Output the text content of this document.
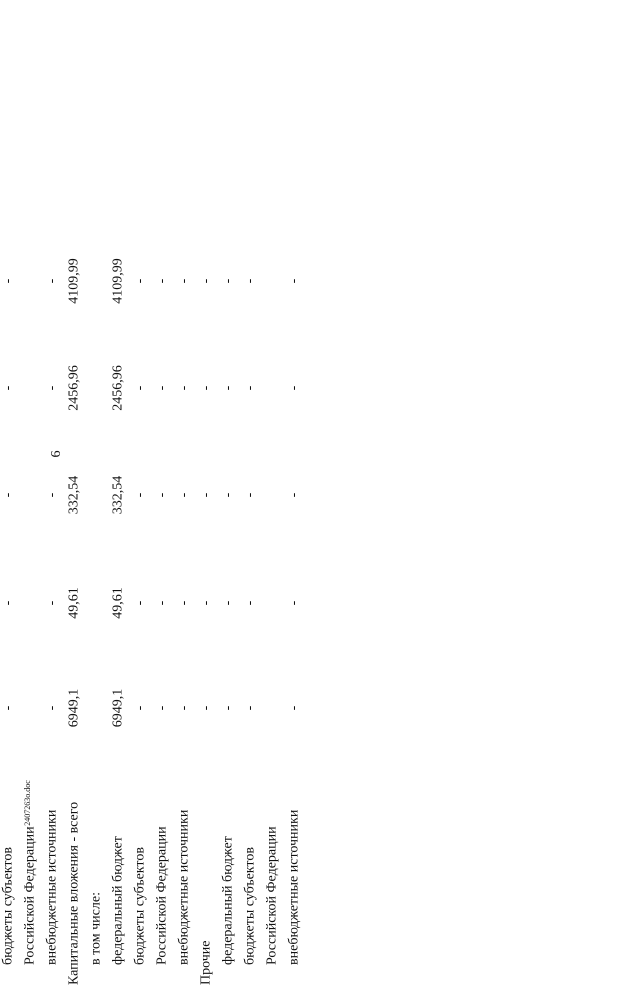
6
2407263o.doc

бюджеты субъектов	-	-	-	-	-
Российской Федерации					
внебюджетные источники	-	-	-	-	-
Капитальные вложения - всего	6949,1	49,61	332,54	2456,96	4109,99
в том числе:					
федеральный бюджет	6949,1	49,61	332,54	2456,96	4109,99
бюджеты субъектов	-	-	-	-	-
Российской Федерации	-	-	-	-	-
внебюджетные источники	-	-	-	-	-
Прочие	-	-	-	-	-
федеральный бюджет	-	-	-	-	-
бюджеты субъектов	-	-	-	-	-
Российской Федерации					
внебюджетные источники	-	-	-	-	-
